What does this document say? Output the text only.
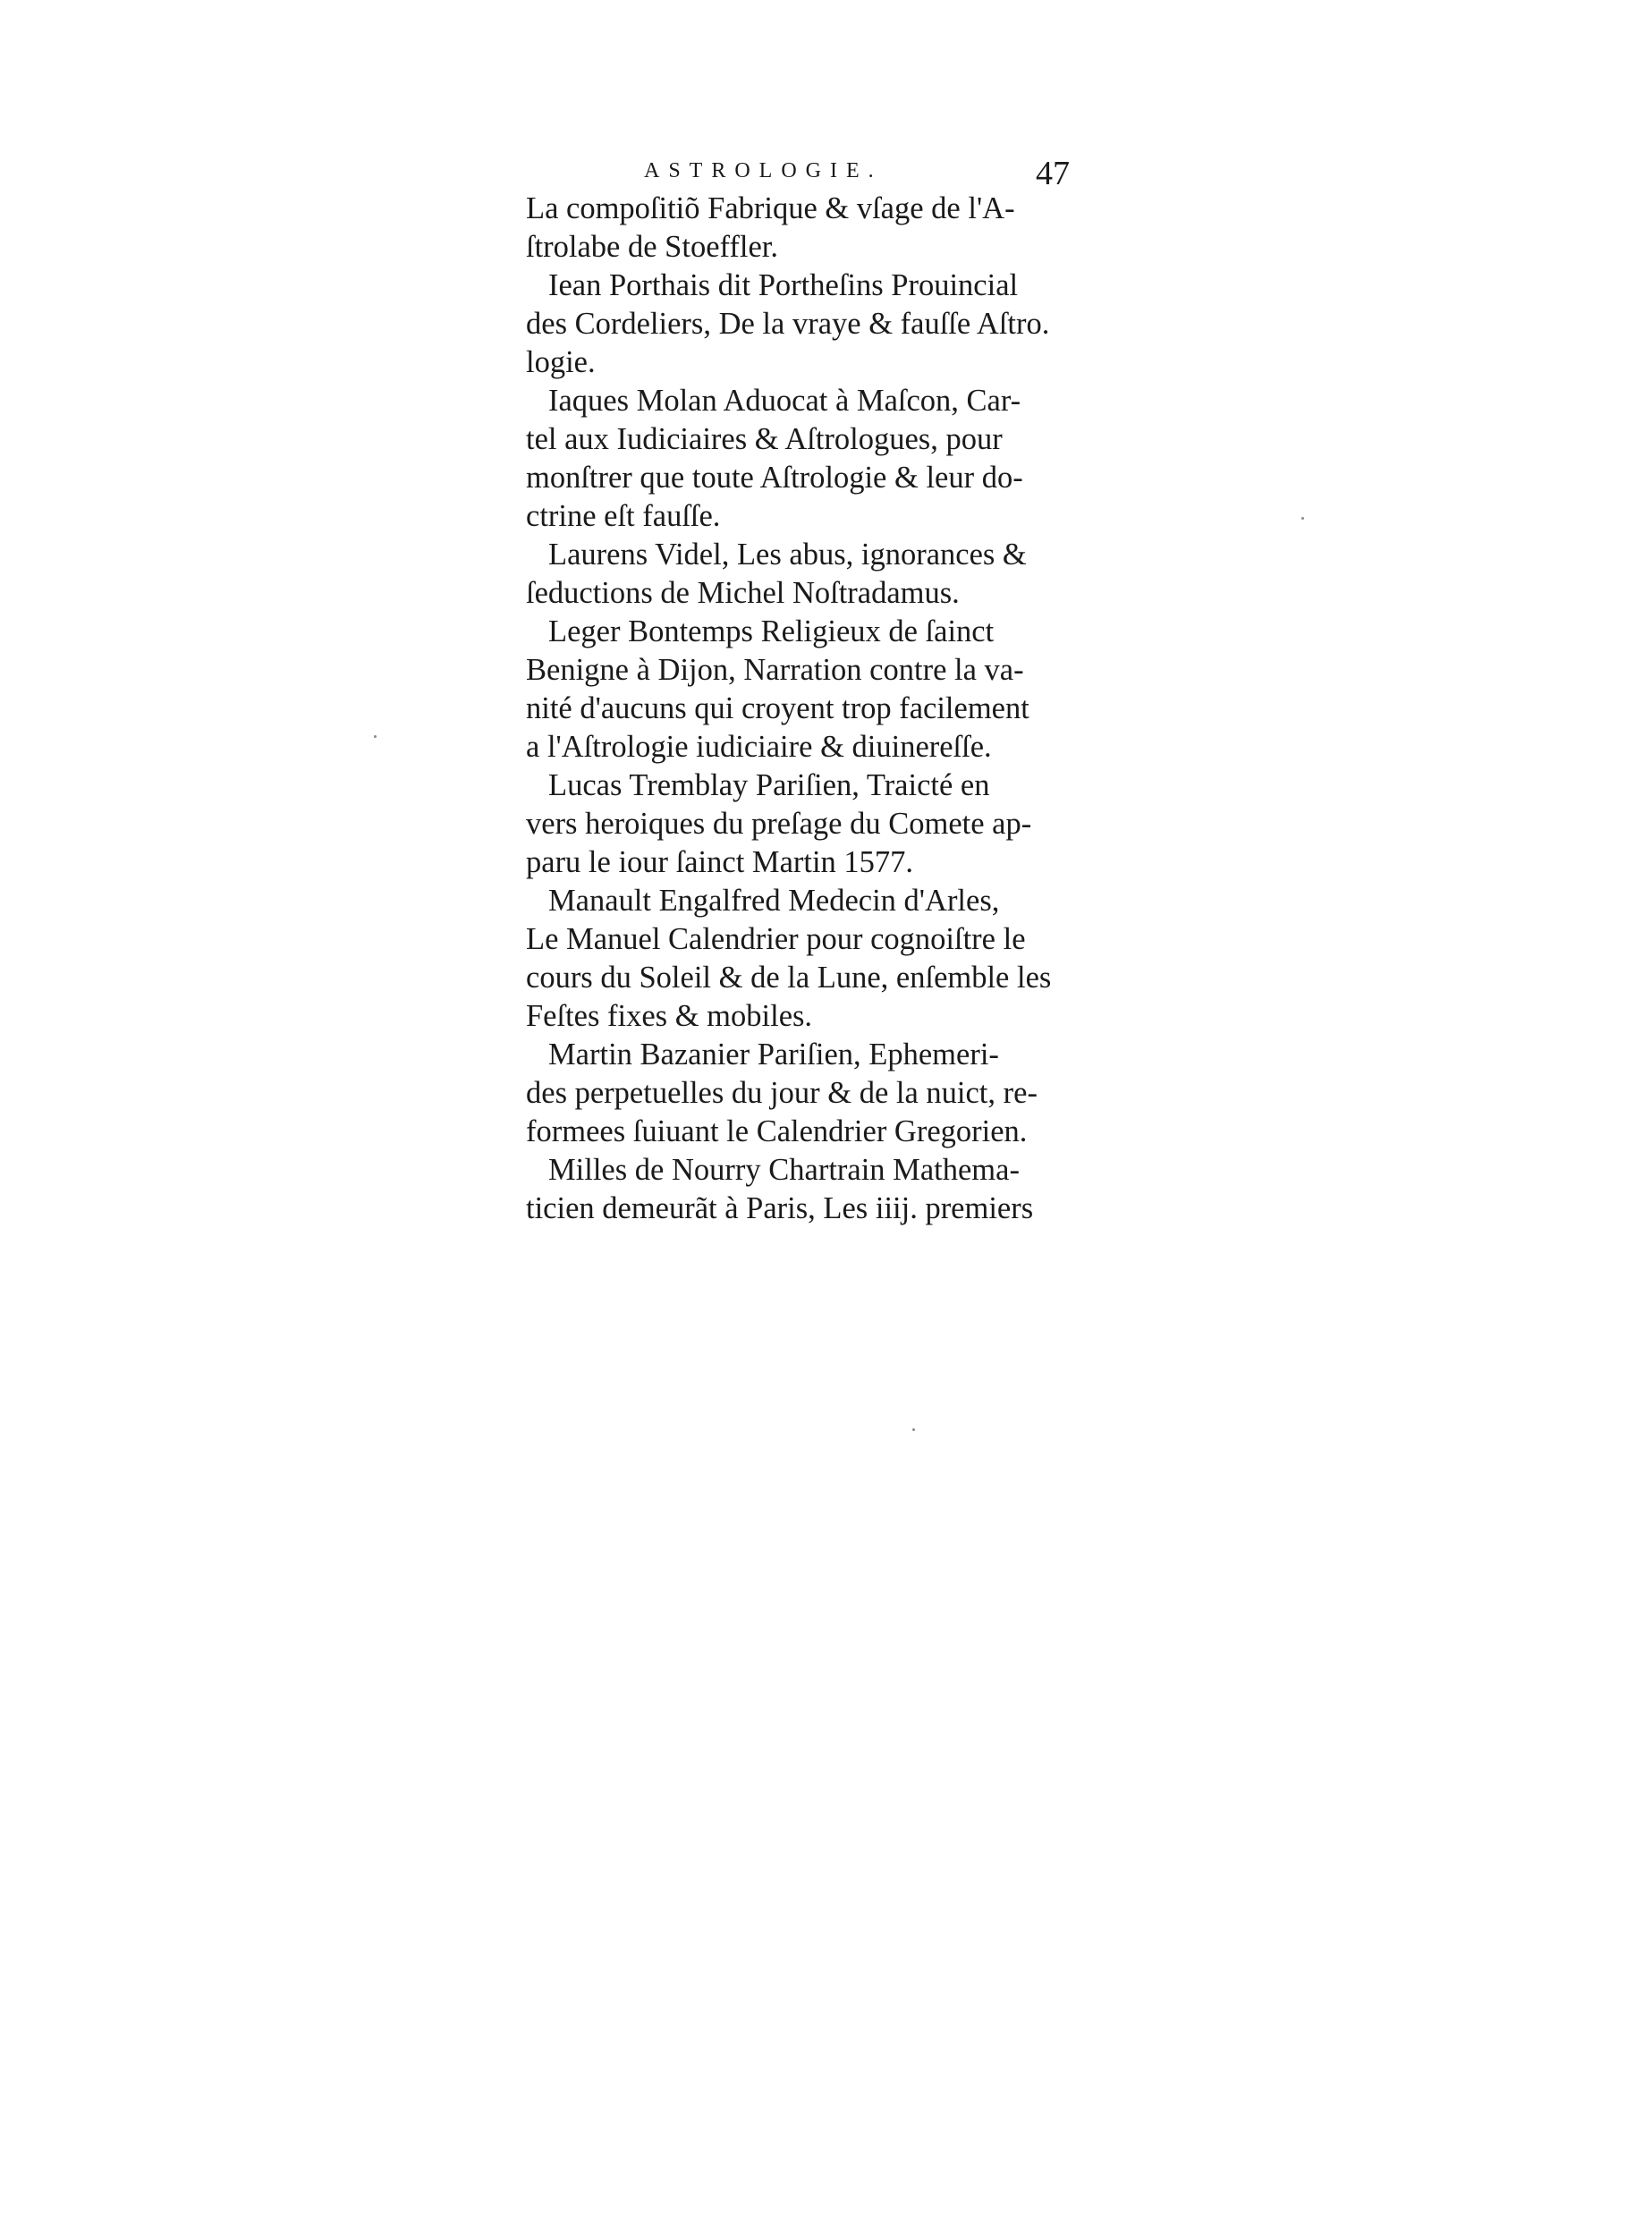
ASTROLOGIE.	47
La compoſitiõ Fabrique & vſage de l'A-
ſtrolabe de Stoeffler.
Iean Porthais dit Portheſins Prouincial
des Cordeliers, De la vraye & fauſſe Aſtro.
logie.
Iaques Molan Aduocat à Maſcon, Car-
tel aux Iudiciaires & Aſtrologues, pour
monſtrer que toute Aſtrologie & leur do-
ctrine eſt fauſſe.
Laurens Videl, Les abus, ignorances &
ſeductions de Michel Noſtradamus.
Leger Bontemps Religieux de ſainct
Benigne à Dijon, Narration contre la va-
nité d'aucuns qui croyent trop facilement
a l'Aſtrologie iudiciaire & diuinereſſe.
Lucas Tremblay Pariſien, Traicté en
vers heroiques du preſage du Comete ap-
paru le iour ſainct Martin 1577.
Manault Engalfred Medecin d'Arles,
Le Manuel Calendrier pour cognoiſtre le
cours du Soleil & de la Lune, enſemble les
Feſtes fixes & mobiles.
Martin Bazanier Pariſien, Ephemeri-
des perpetuelles du jour & de la nuict, re-
formees ſuiuant le Calendrier Gregorien.
Milles de Nourry Chartrain Mathema-
ticien demeurãt à Paris, Les iiij. premiers
